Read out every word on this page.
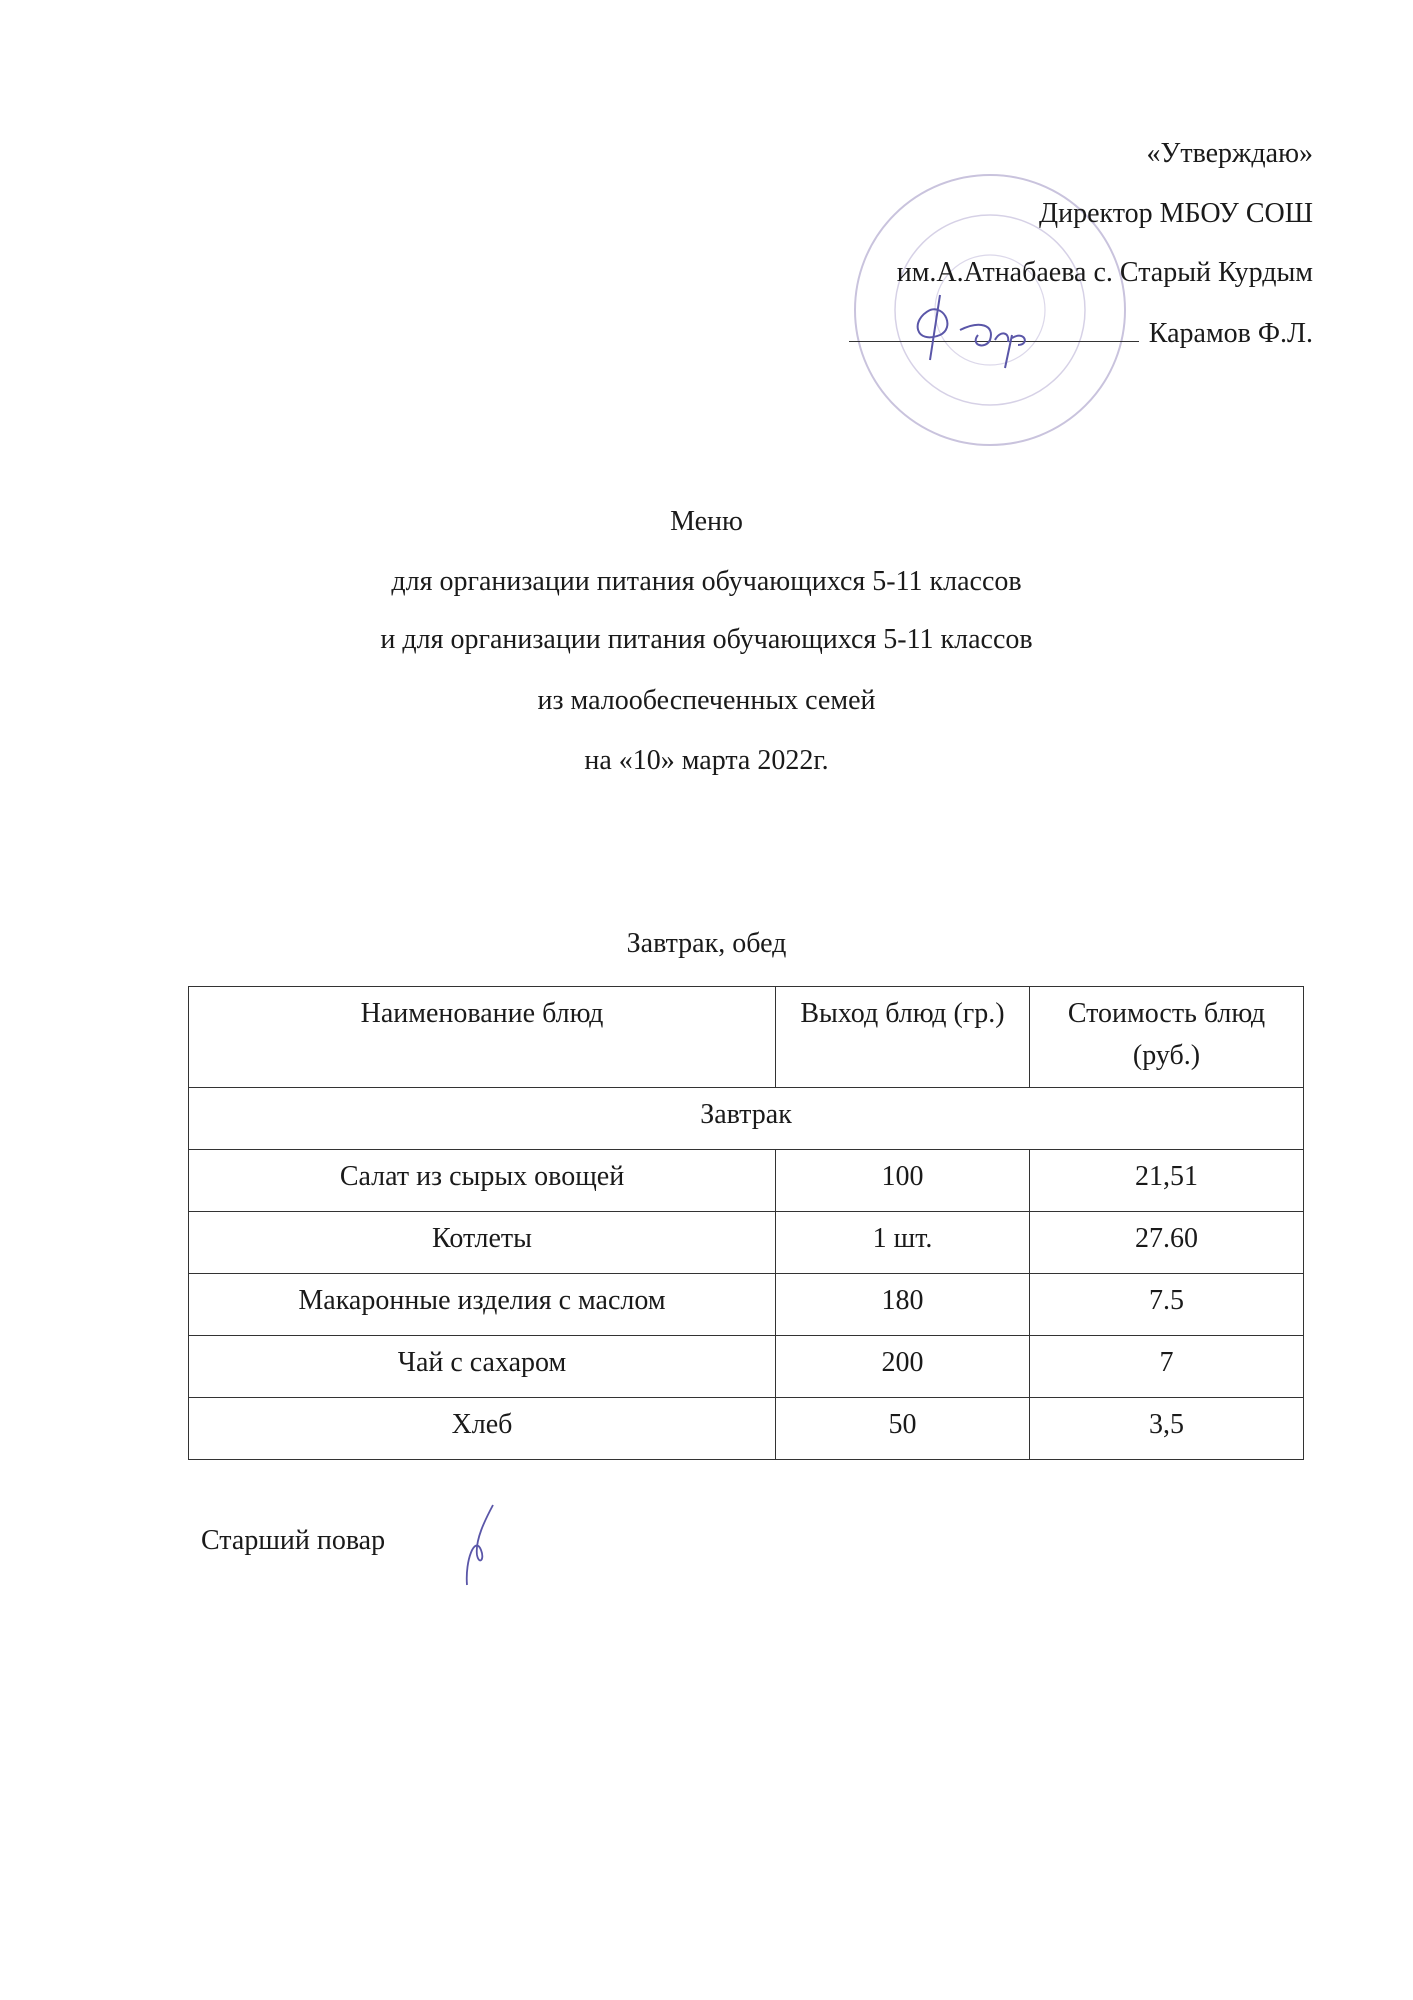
«Утверждаю»
Директор МБОУ СОШ
им.А.Атнабаева с. Старый Курдым
Карамов Ф.Л.
Меню
для организации питания обучающихся 5-11 классов
и для организации питания обучающихся 5-11 классов
из малообеспеченных семей
на «10» марта 2022г.
Завтрак, обед
Наименование блюд	Выход блюд (гр.)	Стоимость блюд (руб.)
Завтрак		
Салат из сырых овощей	100	21,51
Котлеты	1 шт.	27.60
Макаронные изделия с маслом	180	7.5
Чай с сахаром	200	7
Хлеб	50	3,5
Старший повар
